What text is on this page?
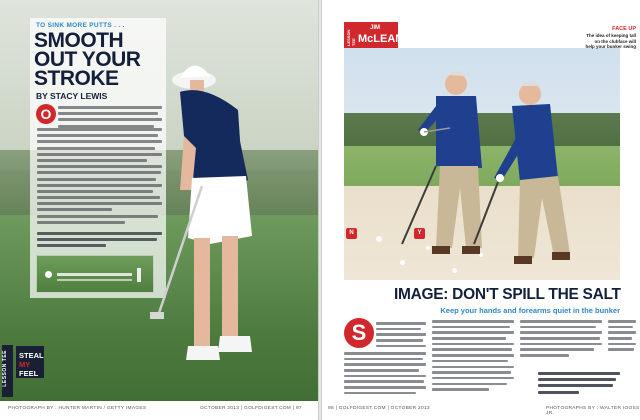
TO SINK MORE PUTTS . . .
SMOOTH
OUT YOUR
STROKE
BY STACY LEWIS
O
LESSON TEE	STEAL
MY
FEEL
PHOTOGRAPH BY : HUNTER MARTIN / GETTY IMAGES	OCTOBER 2013 | GOLFDIGEST.COM | 97
N	Y
LESSON TEE
JIM
McLEAN
FACE UP
The idea of keeping tall
on the clubface will
help your bunker swing
IMAGE: DON'T SPILL THE SALT
Keep your hands and forearms quiet in the bunker
S
98 | GOLFDIGEST.COM | OCTOBER 2013	PHOTOGRAPHS BY : WALTER IOOSS JR.
